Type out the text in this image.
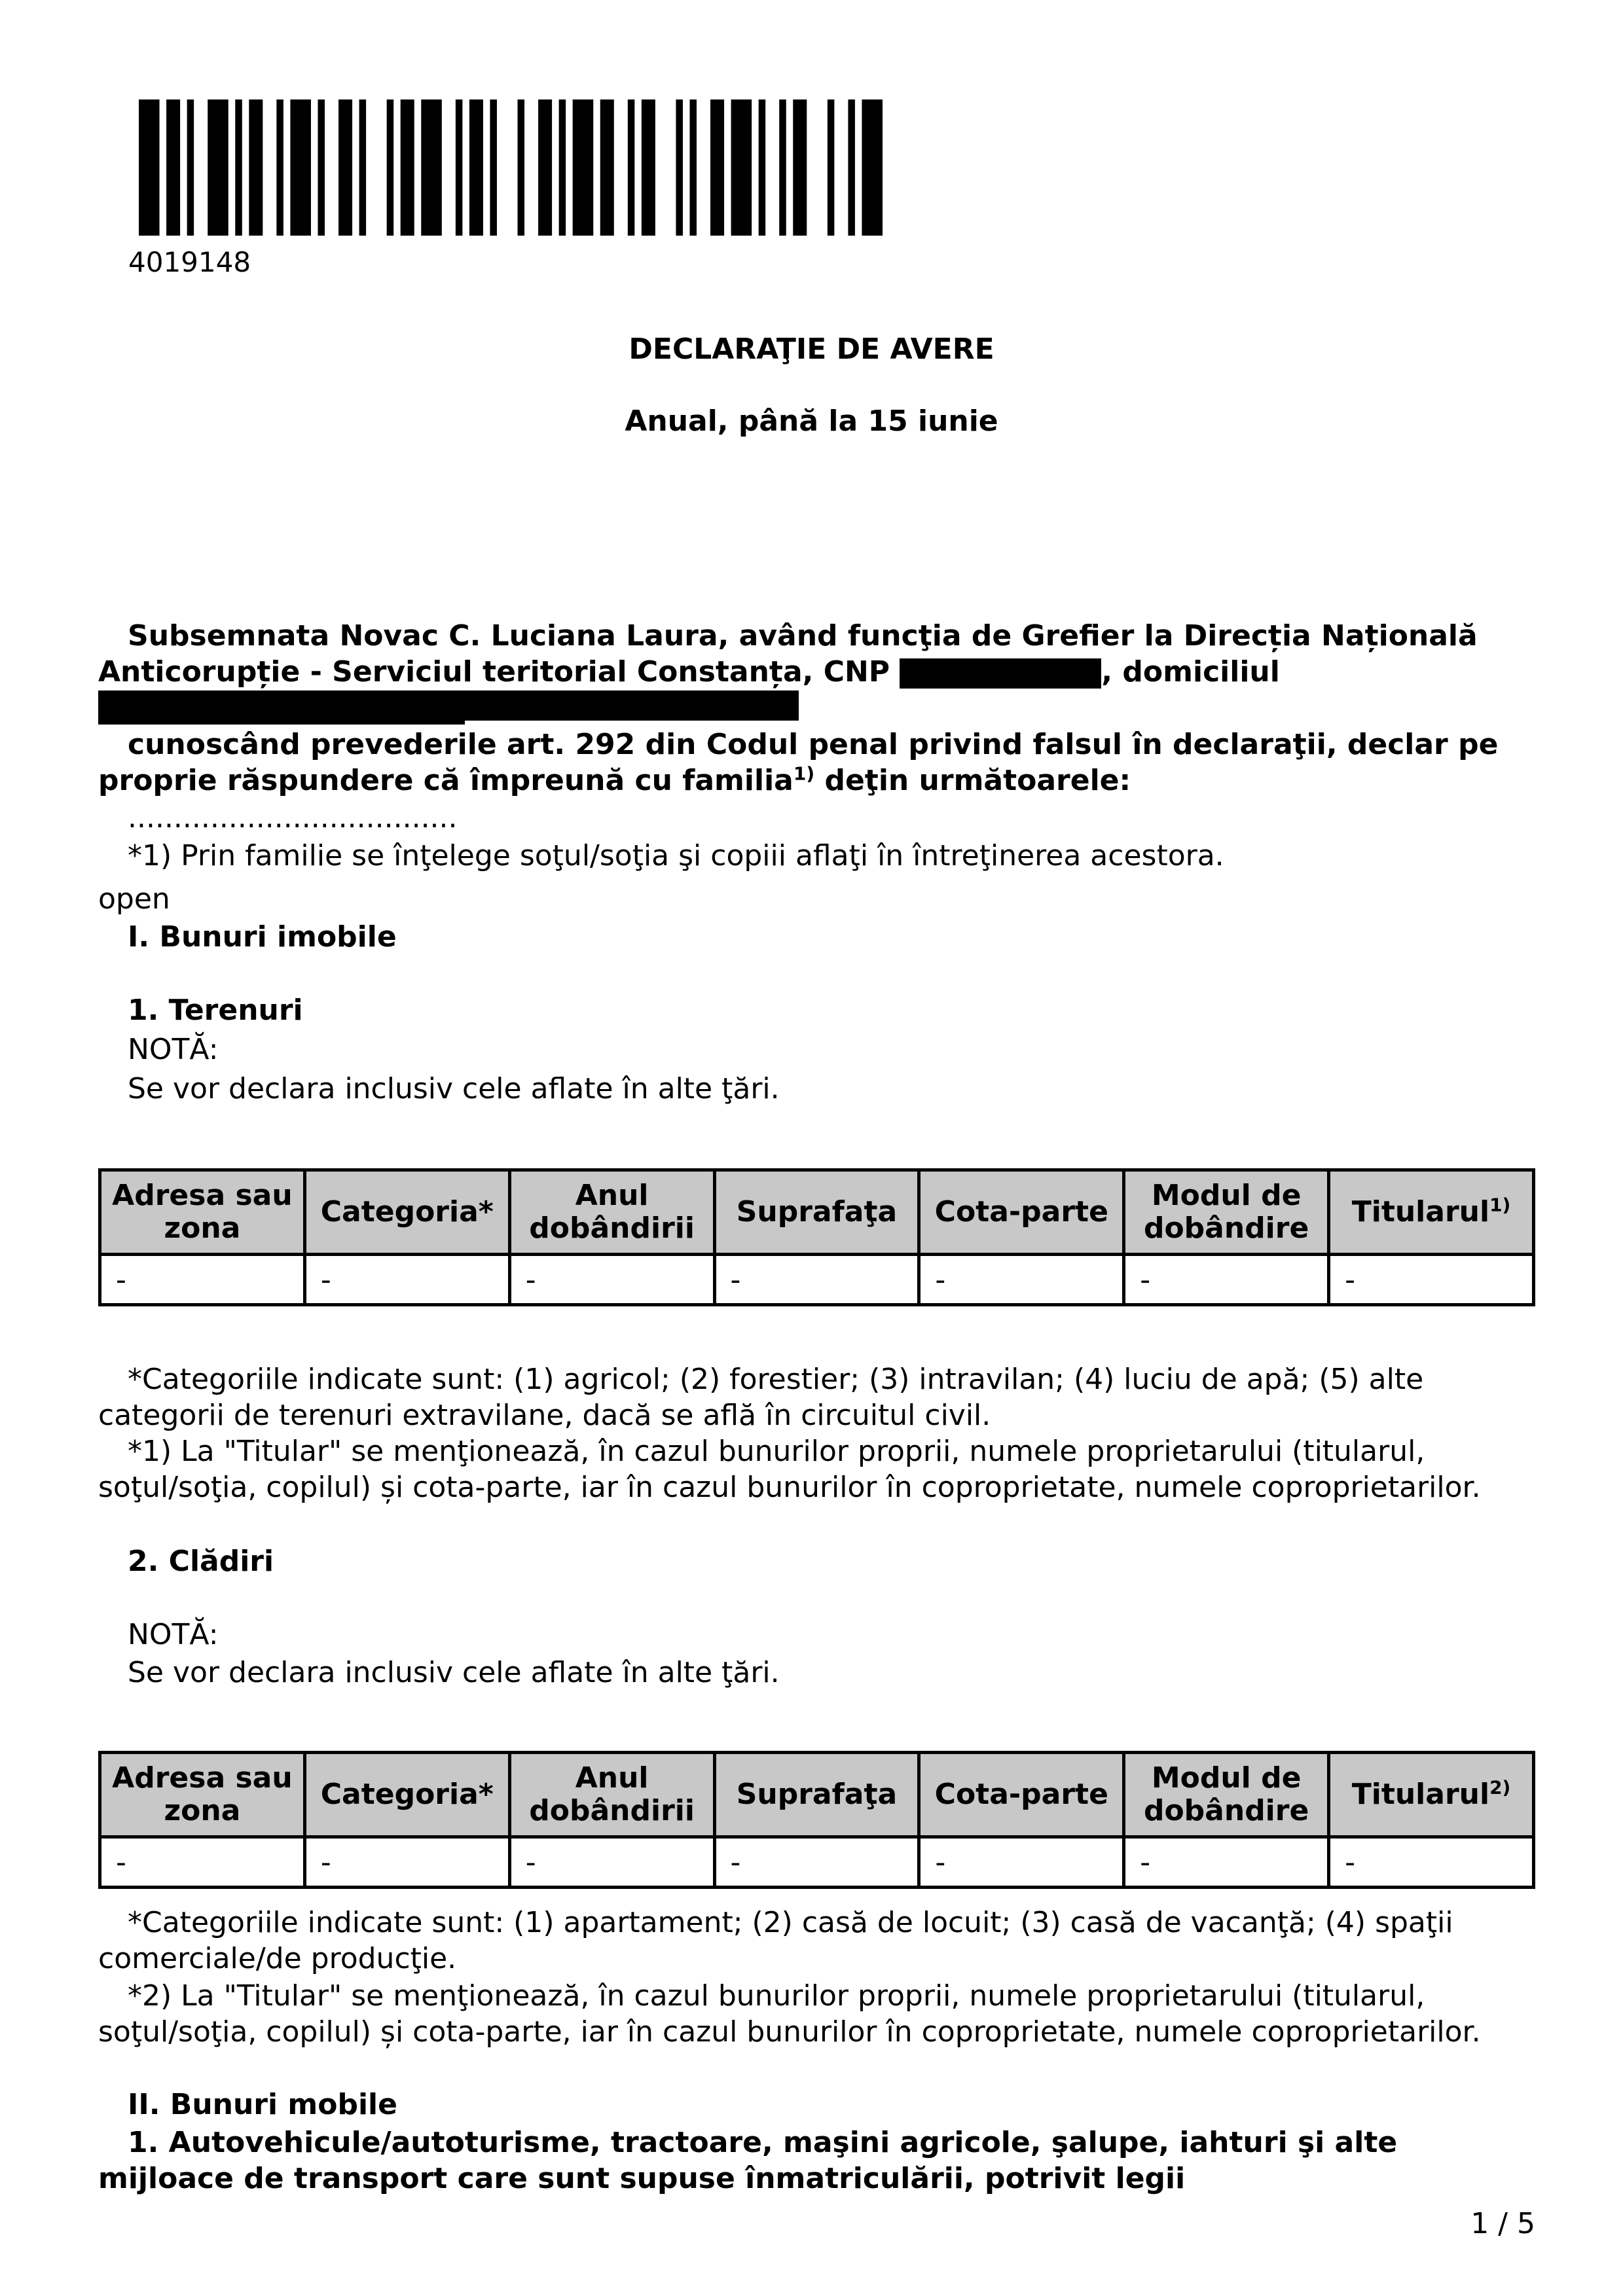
4019148
DECLARAŢIE DE AVERE
Anual, până la 15 iunie
Subsemnata Novac C. Luciana Laura, având funcţia de Grefier la Direcția Națională Anticorupție - Serviciul teritorial Constanța, CNP	, domiciliul
cunoscând prevederile art. 292 din Codul penal privind falsul în declaraţii, declar pe proprie răspundere că împreună cu familia$^{1)}$ deţin următoarele:
....................................
*1) Prin familie se înţelege soţul/soţia şi copiii aflaţi în întreţinerea acestora.
open
I. Bunuri imobile
1. Terenuri
NOTĂ:
Se vor declara inclusiv cele aflate în alte ţări.
Adresa sau zona	Categoria*	Anul dobândirii	Suprafaţa	Cota-parte	Modul de dobândire	Titularul$^{1)}$
-	-	-	-	-	-	-
*Categoriile indicate sunt: (1) agricol; (2) forestier; (3) intravilan; (4) luciu de apă; (5) alte categorii de terenuri extravilane, dacă se află în circuitul civil.
*1) La "Titular" se menţionează, în cazul bunurilor proprii, numele proprietarului (titularul, soţul/soţia, copilul) și cota-parte, iar în cazul bunurilor în coproprietate, numele coproprietarilor.
2. Clădiri
NOTĂ:
Se vor declara inclusiv cele aflate în alte ţări.
Adresa sau zona	Categoria*	Anul dobândirii	Suprafaţa	Cota-parte	Modul de dobândire	Titularul$^{2)}$
-	-	-	-	-	-	-
*Categoriile indicate sunt: (1) apartament; (2) casă de locuit; (3) casă de vacanţă; (4) spaţii comerciale/de producţie.
*2) La "Titular" se menţionează, în cazul bunurilor proprii, numele proprietarului (titularul, soţul/soţia, copilul) și cota-parte, iar în cazul bunurilor în coproprietate, numele coproprietarilor.
II. Bunuri mobile
1. Autovehicule/autoturisme, tractoare, maşini agricole, şalupe, iahturi şi alte mijloace de transport care sunt supuse înmatriculării, potrivit legii
1 / 5
